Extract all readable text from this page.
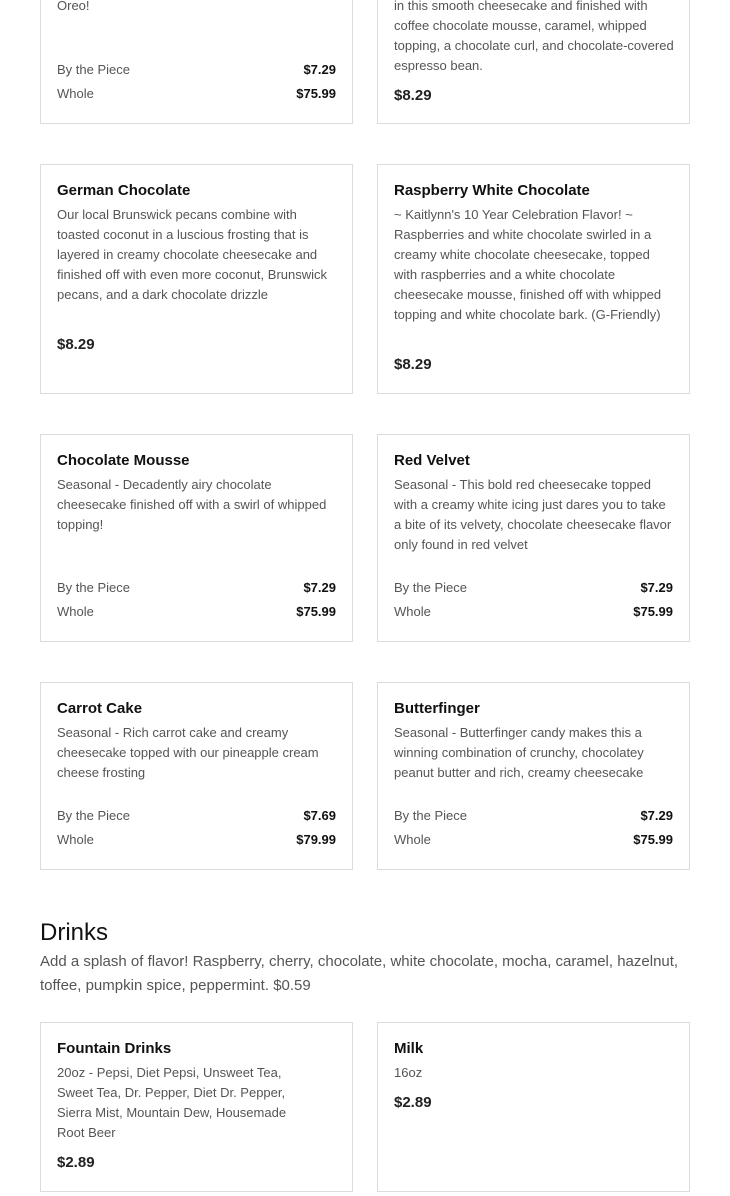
Oreo!

By the Piece	$7.29
Whole	$75.99

in this smooth cheesecake and finished with coffee chocolate mousse, caramel, whipped topping, a chocolate curl, and chocolate-covered espresso bean.

$8.29
German Chocolate

Our local Brunswick pecans combine with toasted coconut in a luscious frosting that is layered in creamy chocolate cheesecake and finished off with even more coconut, Brunswick pecans, and a dark chocolate drizzle

$8.29
Raspberry White Chocolate

~ Kaitlynn's 10 Year Celebration Flavor! ~ Raspberries and white chocolate swirled in a creamy white chocolate cheesecake, topped with raspberries and a white chocolate cheesecake mousse, finished off with whipped topping and white chocolate bark. (G-Friendly)

$8.29
Chocolate Mousse

Seasonal - Decadently airy chocolate cheesecake finished off with a swirl of whipped topping!

By the Piece	$7.29
Whole	$75.99
Red Velvet

Seasonal - This bold red cheesecake topped with a creamy white icing just dares you to take a bite of its velvety, chocolate cheesecake flavor only found in red velvet

By the Piece	$7.29
Whole	$75.99
Carrot Cake

Seasonal - Rich carrot cake and creamy cheesecake topped with our pineapple cream cheese frosting

By the Piece	$7.69
Whole	$79.99
Butterfinger

Seasonal - Butterfinger candy makes this a winning combination of crunchy, chocolatey peanut butter and rich, creamy cheesecake

By the Piece	$7.29
Whole	$75.99
Drinks
Add a splash of flavor! Raspberry, cherry, chocolate, white chocolate, mocha, caramel, hazelnut, toffee, pumpkin spice, peppermint. $0.59
Fountain Drinks

20oz - Pepsi, Diet Pepsi, Unsweet Tea, Sweet Tea, Dr. Pepper, Diet Dr. Pepper, Sierra Mist, Mountain Dew, Housemade Root Beer

$2.89
Milk

16oz

$2.89
